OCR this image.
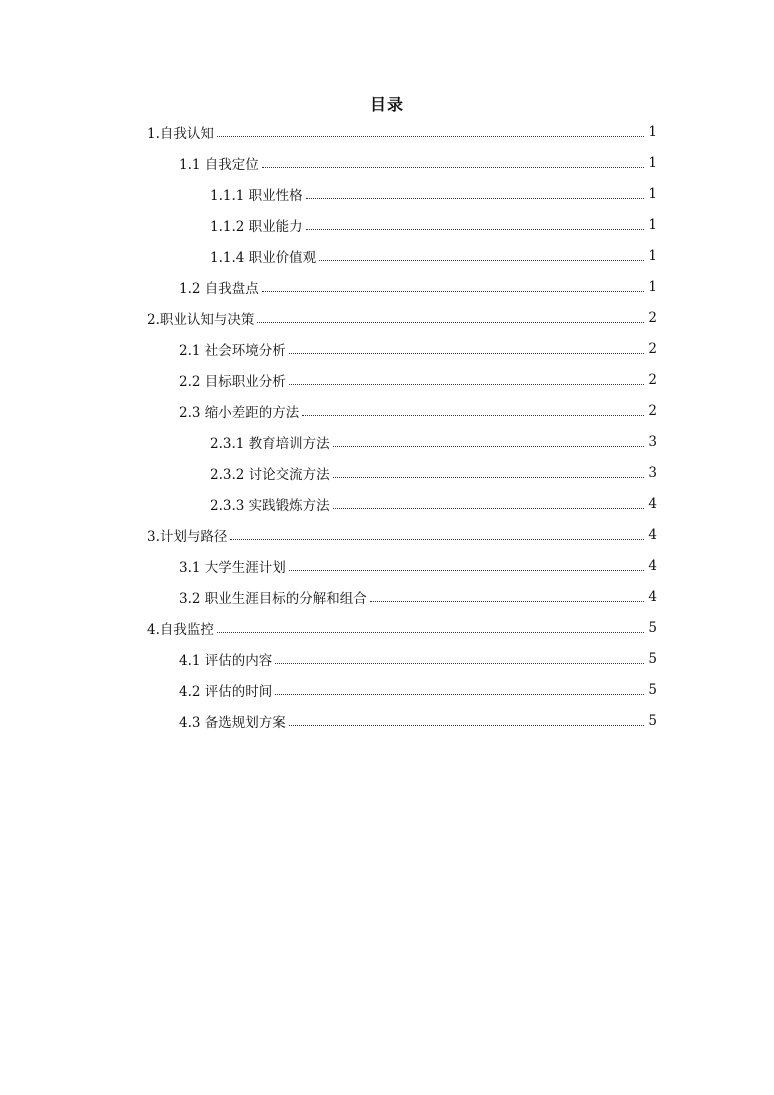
目录
1.自我认知	1
1.1 自我定位	1
1.1.1 职业性格	1
1.1.2 职业能力	1
1.1.4 职业价值观	1
1.2 自我盘点	1
2.职业认知与决策	2
2.1 社会环境分析	2
2.2 目标职业分析	2
2.3 缩小差距的方法	2
2.3.1 教育培训方法	3
2.3.2 讨论交流方法	3
2.3.3 实践锻炼方法	4
3.计划与路径	4
3.1 大学生涯计划	4
3.2 职业生涯目标的分解和组合	4
4.自我监控	5
4.1 评估的内容	5
4.2 评估的时间	5
4.3 备选规划方案	5
